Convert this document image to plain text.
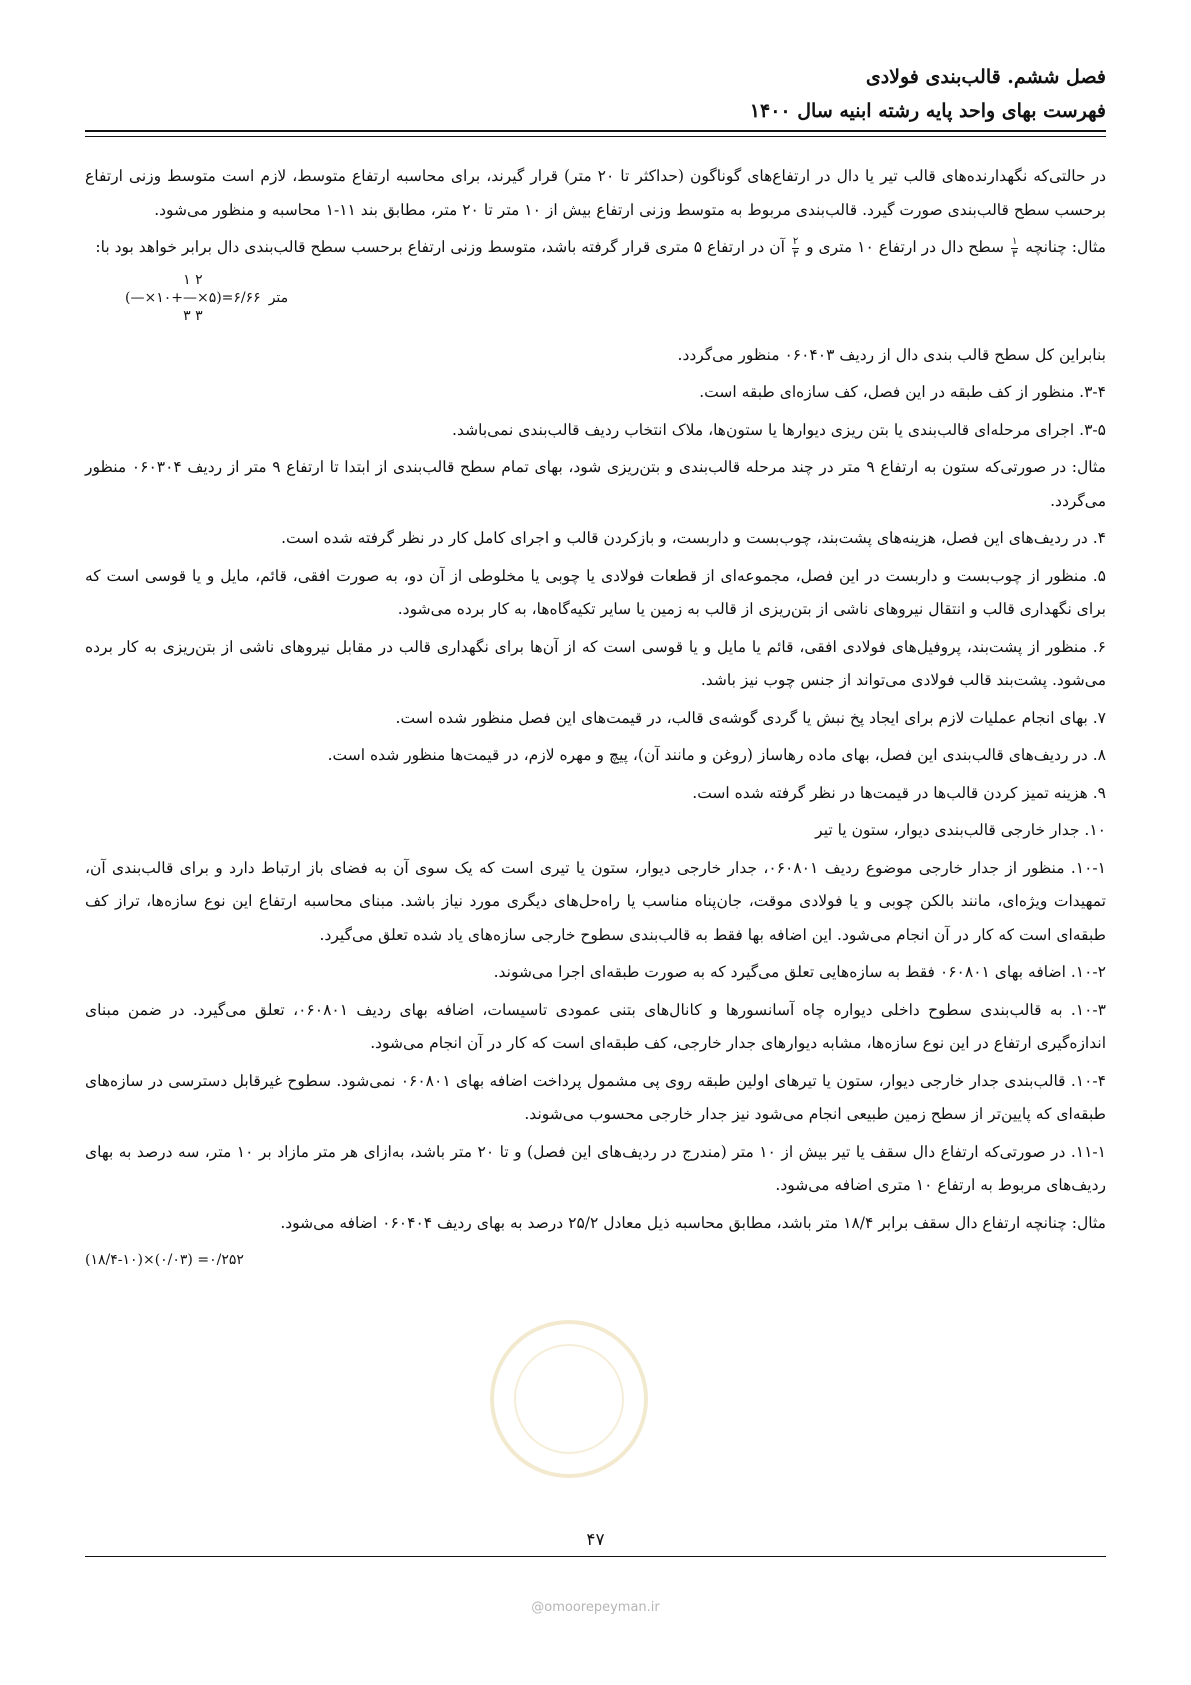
فصل ششم. قالب‌بندی فولادی
فهرست بهای واحد پایه رشته ابنیه سال ۱۴۰۰

در حالتی‌که نگهدارنده‌های قالب تیر یا دال در ارتفاع‌های گوناگون (حداکثر تا ۲۰ متر) قرار گیرند، برای محاسبه ارتفاع متوسط، لازم است متوسط وزنی ارتفاع برحسب سطح قالب‌بندی صورت گیرد. قالب‌بندی مربوط به متوسط وزنی ارتفاع بیش از ۱۰ متر تا ۲۰ متر، مطابق بند ۱۱-۱ محاسبه و منظور می‌شود.

مثال: چنانچه
$\frac{۱}{۳}$
سطح دال در ارتفاع ۱۰ متری و
$\frac{۲}{۳}$
آن در ارتفاع ۵ متری قرار گرفته باشد، متوسط وزنی ارتفاع برحسب سطح قالب‌بندی دال برابر خواهد بود با:

۱ ۲
(—×۱۰+—×۵)=۶/۶۶
۳ ۳
متر

بنابراین کل سطح قالب بندی دال از ردیف ۰۶۰۴۰۳ منظور می‌گردد.

۳-۴. منظور از کف طبقه در این فصل، کف سازه‌ای طبقه است.

۳-۵. اجرای مرحله‌ای قالب‌بندی یا بتن ریزی دیوارها یا ستون‌ها، ملاک انتخاب ردیف قالب‌بندی نمی‌باشد.

مثال: در صورتی‌که ستون به ارتفاع ۹ متر در چند مرحله قالب‌بندی و بتن‌ریزی شود، بهای تمام سطح قالب‌بندی از ابتدا تا ارتفاع ۹ متر از ردیف ۰۶۰۳۰۴ منظور می‌گردد.

۴. در ردیف‌های این فصل، هزینه‌های پشت‌بند، چوب‌بست و داربست، و بازکردن قالب و اجرای کامل کار در نظر گرفته شده است.

۵. منظور از چوب‌بست و داربست در این فصل، مجموعه‌ای از قطعات فولادی یا چوبی یا مخلوطی از آن دو، به صورت افقی، قائم، مایل و یا قوسی است که برای نگهداری قالب و انتقال نیروهای ناشی از بتن‌ریزی از قالب به زمین یا سایر تکیه‌گاه‌ها، به کار برده می‌شود.

۶. منظور از پشت‌بند، پروفیل‌های فولادی افقی، قائم یا مایل و یا قوسی است که از آن‌ها برای نگهداری قالب در مقابل نیروهای ناشی از بتن‌ریزی به کار برده می‌شود. پشت‌بند قالب فولادی می‌تواند از جنس چوب نیز باشد.

۷. بهای انجام عملیات لازم برای ایجاد پخ نبش یا گردی گوشه‌ی قالب، در قیمت‌های این فصل منظور شده است.

۸. در ردیف‌های قالب‌بندی این فصل، بهای ماده رهاساز (روغن و مانند آن)، پیچ و مهره لازم، در قیمت‌ها منظور شده است.

۹. هزینه تمیز کردن قالب‌ها در قیمت‌ها در نظر گرفته شده است.

۱۰. جدار خارجی قالب‌بندی دیوار، ستون یا تیر

۱۰-۱. منظور از جدار خارجی موضوع ردیف ۰۶۰۸۰۱، جدار خارجی دیوار، ستون یا تیری است که یک سوی آن به فضای باز ارتباط دارد و برای قالب‌بندی آن، تمهیدات ویژه‌ای، مانند بالکن چوبی و یا فولادی موقت، جان‌پناه مناسب یا راه‌حل‌های دیگری مورد نیاز باشد. مبنای محاسبه ارتفاع این نوع سازه‌ها، تراز کف طبقه‌ای است که کار در آن انجام می‌شود. این اضافه بها فقط به قالب‌بندی سطوح خارجی سازه‌های یاد شده تعلق می‌گیرد.

۱۰-۲. اضافه بهای ۰۶۰۸۰۱ فقط به سازه‌هایی تعلق می‌گیرد که به صورت طبقه‌ای اجرا می‌شوند.

۱۰-۳. به قالب‌بندی سطوح داخلی دیواره چاه آسانسورها و کانال‌های بتنی عمودی تاسیسات، اضافه بهای ردیف ۰۶۰۸۰۱، تعلق می‌گیرد. در ضمن مبنای اندازه‌گیری ارتفاع در این نوع سازه‌ها، مشابه دیوارهای جدار خارجی، کف طبقه‌ای است که کار در آن انجام می‌شود.

۱۰-۴. قالب‌بندی جدار خارجی دیوار، ستون یا تیرهای اولین طبقه روی پی مشمول پرداخت اضافه بهای ۰۶۰۸۰۱ نمی‌شود. سطوح غیرقابل دسترسی در سازه‌های طبقه‌ای که پایین‌تر از سطح زمین طبیعی انجام می‌شود نیز جدار خارجی محسوب می‌شوند.

۱۱-۱. در صورتی‌که ارتفاع دال سقف یا تیر بیش از ۱۰ متر (مندرج در ردیف‌های این فصل) و تا ۲۰ متر باشد، به‌ازای هر متر مازاد بر ۱۰ متر، سه درصد به بهای ردیف‌های مربوط به ارتفاع ۱۰ متری اضافه می‌شود.

مثال: چنانچه ارتفاع دال سقف برابر ۱۸/۴ متر باشد، مطابق محاسبه ذیل معادل ۲۵/۲ درصد به بهای ردیف ۰۶۰۴۰۴ اضافه می‌شود.

(۱۸/۴-۱۰)×(۰/۰۳) =۰/۲۵۲
۴۷
@omoorepeyman.ir
